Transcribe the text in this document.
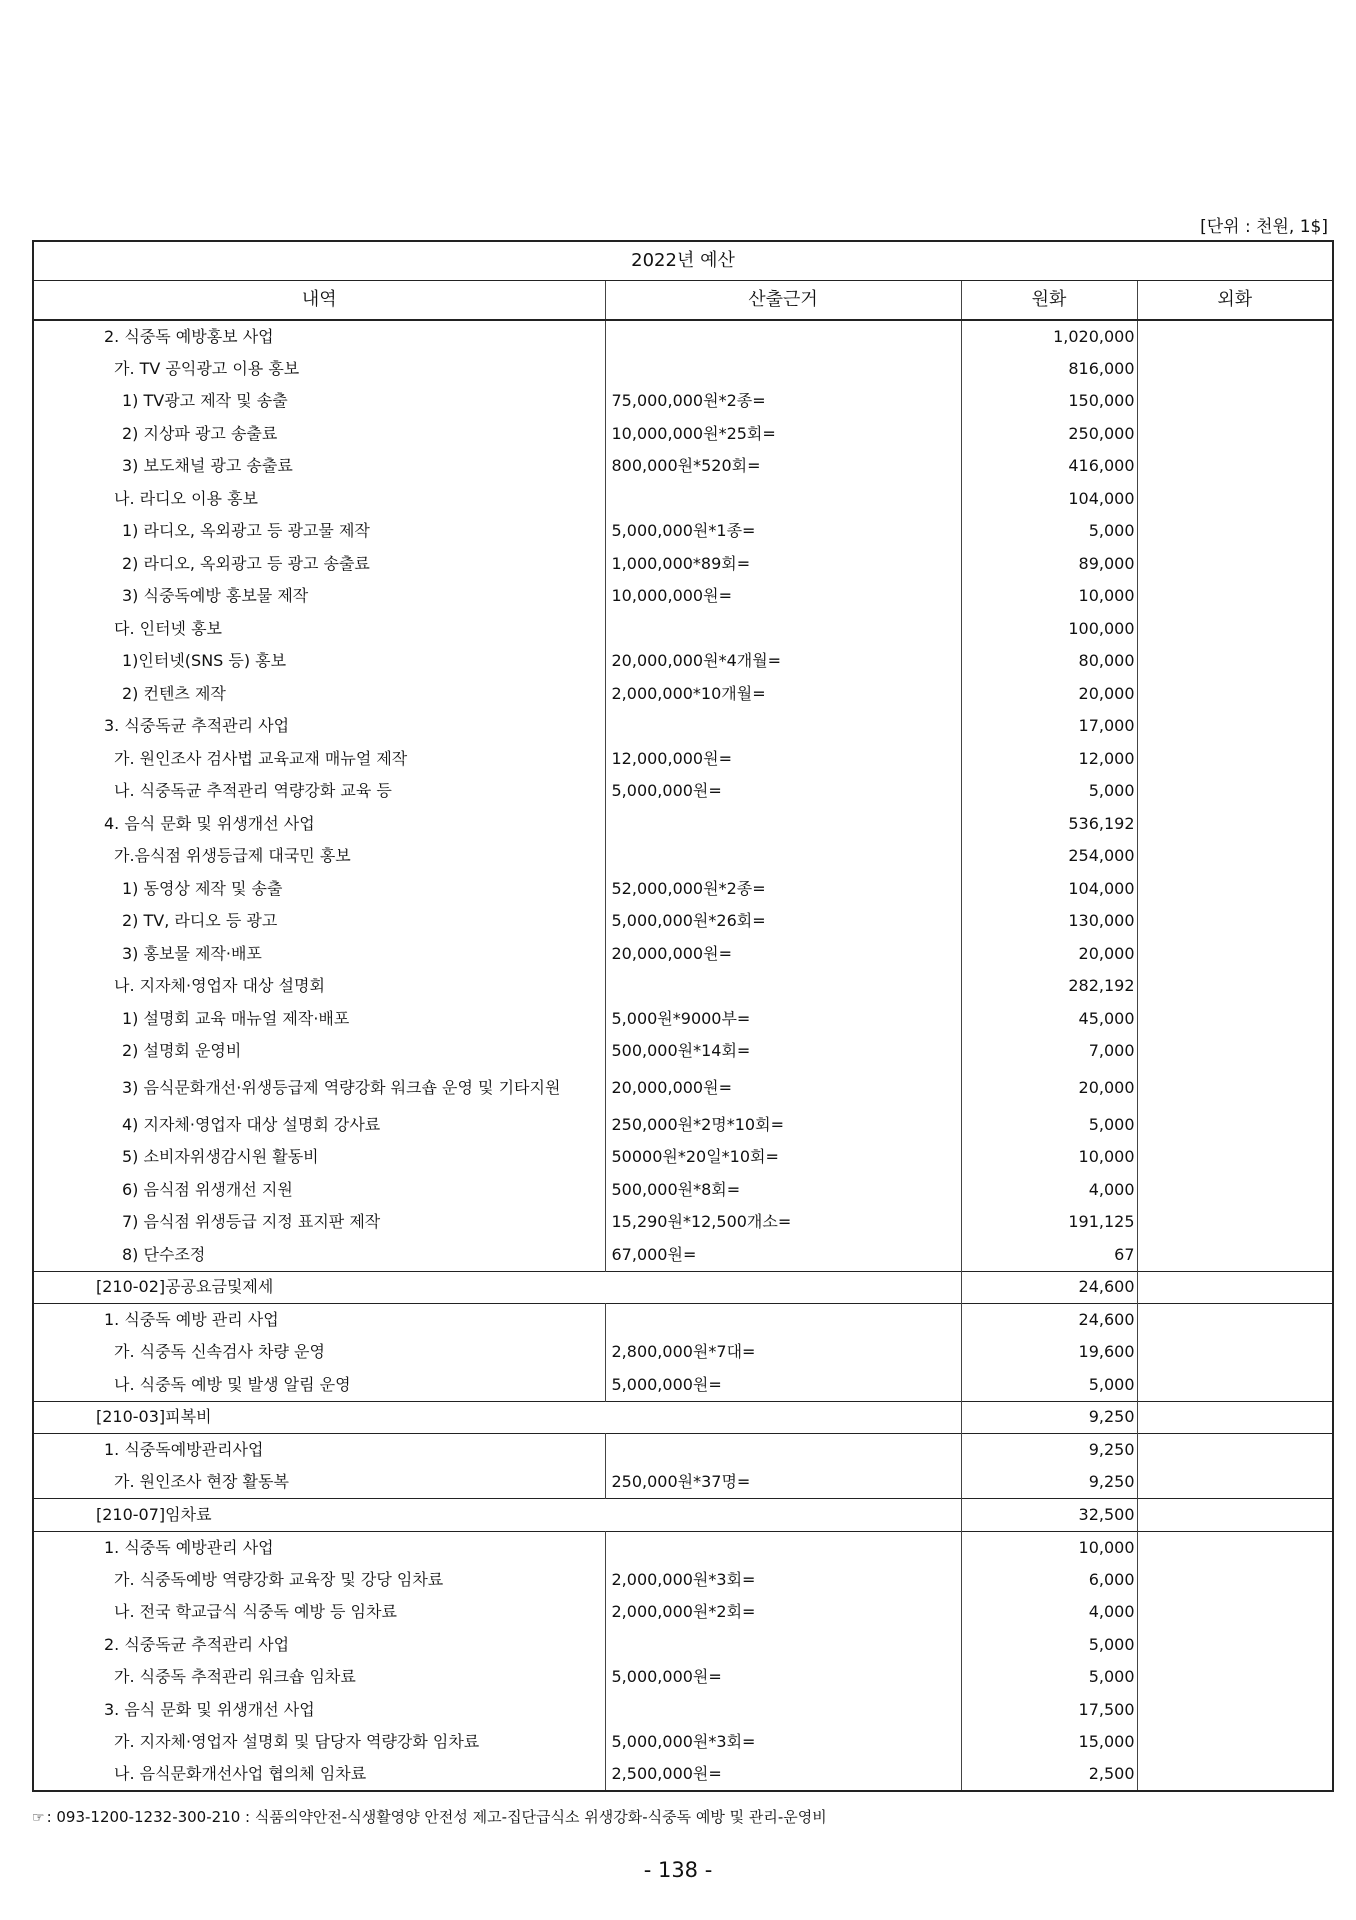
[단위 : 천원, 1$]
2022년 예산			
내역	산출근거	원화	외화
2. 식중독 예방홍보 사업		1,020,000	
가. TV 공익광고 이용 홍보		816,000	
1) TV광고 제작 및 송출	75,000,000원*2종=	150,000	
2) 지상파 광고 송출료	10,000,000원*25회=	250,000	
3) 보도채널 광고 송출료	800,000원*520회=	416,000	
나. 라디오 이용 홍보		104,000	
1) 라디오, 옥외광고 등 광고물 제작	5,000,000원*1종=	5,000	
2) 라디오, 옥외광고 등 광고 송출료	1,000,000*89회=	89,000	
3) 식중독예방 홍보물 제작	10,000,000원=	10,000	
다. 인터넷 홍보		100,000	
1)인터넷(SNS 등) 홍보	20,000,000원*4개월=	80,000	
2) 컨텐츠 제작	2,000,000*10개월=	20,000	
3. 식중독균 추적관리 사업		17,000	
가. 원인조사 검사법 교육교재 매뉴얼 제작	12,000,000원=	12,000	
나. 식중독균 추적관리 역량강화 교육 등	5,000,000원=	5,000	
4. 음식 문화 및 위생개선 사업		536,192	
가.음식점 위생등급제 대국민 홍보		254,000	
1) 동영상 제작 및 송출	52,000,000원*2종=	104,000	
2) TV, 라디오 등 광고	5,000,000원*26회=	130,000	
3) 홍보물 제작·배포	20,000,000원=	20,000	
나. 지자체·영업자 대상 설명회		282,192	
1) 설명회 교육 매뉴얼 제작·배포	5,000원*9000부=	45,000	
2) 설명회 운영비	500,000원*14회=	7,000	
3) 음식문화개선·위생등급제 역량강화 워크숍 운영 및 기타지원	20,000,000원=	20,000	
4) 지자체·영업자 대상 설명회 강사료	250,000원*2명*10회=	5,000	
5) 소비자위생감시원 활동비	50000원*20일*10회=	10,000	
6) 음식점 위생개선 지원	500,000원*8회=	4,000	
7) 음식점 위생등급 지정 표지판 제작	15,290원*12,500개소=	191,125	
8) 단수조정	67,000원=	67	
[210-02]공공요금및제세		24,600	
1. 식중독 예방 관리 사업		24,600	
가. 식중독 신속검사 차량 운영	2,800,000원*7대=	19,600	
나. 식중독 예방 및 발생 알림 운영	5,000,000원=	5,000	
[210-03]피복비		9,250	
1. 식중독예방관리사업		9,250	
가. 원인조사 현장 활동복	250,000원*37명=	9,250	
[210-07]임차료		32,500	
1. 식중독 예방관리 사업		10,000	
가. 식중독예방 역량강화 교육장 및 강당 임차료	2,000,000원*3회=	6,000	
나. 전국 학교급식 식중독 예방 등 임차료	2,000,000원*2회=	4,000	
2. 식중독균 추적관리 사업		5,000	
가. 식중독 추적관리 워크숍 임차료	5,000,000원=	5,000	
3. 음식 문화 및 위생개선 사업		17,500	
가. 지자체·영업자 설명회 및 담당자 역량강화 임차료	5,000,000원*3회=	15,000	
나. 음식문화개선사업 협의체 임차료	2,500,000원=	2,500	
☞ : 093-1200-1232-300-210 : 식품의약안전-식생활영양 안전성 제고-집단급식소 위생강화-식중독 예방 및 관리-운영비
- 138 -
